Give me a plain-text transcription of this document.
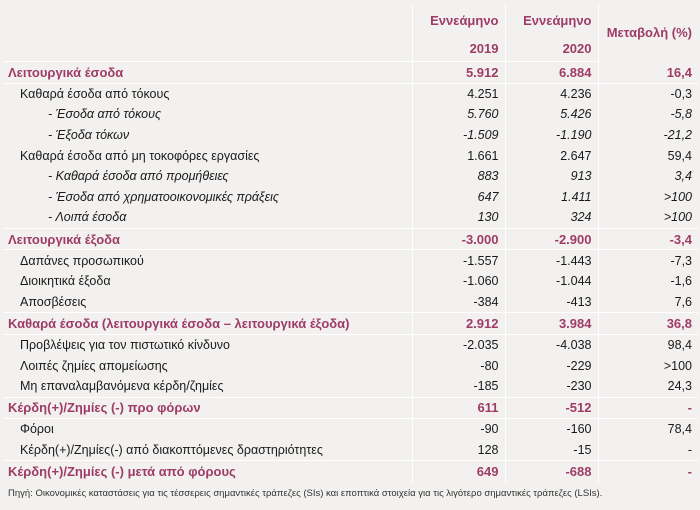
	Εννεάμηνο	Εννεάμηνο	Μεταβολή (%)
	2019	2020	
Λειτουργικά έσοδα	5.912	6.884	16,4
Καθαρά έσοδα από τόκους	4.251	4.236	-0,3
- Έσοδα από τόκους	5.760	5.426	-5,8
- Έξοδα τόκων	-1.509	-1.190	-21,2
Καθαρά έσοδα από μη τοκοφόρες εργασίες	1.661	2.647	59,4
- Καθαρά έσοδα από προμήθειες	883	913	3,4
- Έσοδα από χρηματοοικονομικές πράξεις	647	1.411	>100
- Λοιπά έσοδα	130	324	>100
Λειτουργικά έξοδα	-3.000	-2.900	-3,4
Δαπάνες προσωπικού	-1.557	-1.443	-7,3
Διοικητικά έξοδα	-1.060	-1.044	-1,6
Αποσβέσεις	-384	-413	7,6
Καθαρά έσοδα (λειτουργικά έσοδα – λειτουργικά έξοδα)	2.912	3.984	36,8
Προβλέψεις για τον πιστωτικό κίνδυνο	-2.035	-4.038	98,4
Λοιπές ζημίες απομείωσης	-80	-229	>100
Μη επαναλαμβανόμενα κέρδη/ζημίες	-185	-230	24,3
Κέρδη(+)/Ζημίες (-) προ φόρων	611	-512	-
Φόροι	-90	-160	78,4
Κέρδη(+)/Ζημίες(-) από διακοπτόμενες δραστηριότητες	128	-15	-
Κέρδη(+)/Ζημίες (-) μετά από φόρους	649	-688	-
Πηγή: Οικονομικές καταστάσεις για τις τέσσερεις σημαντικές τράπεζες (SIs) και εποπτικά στοιχεία για τις λιγότερο σημαντικές τράπεζες (LSIs).
